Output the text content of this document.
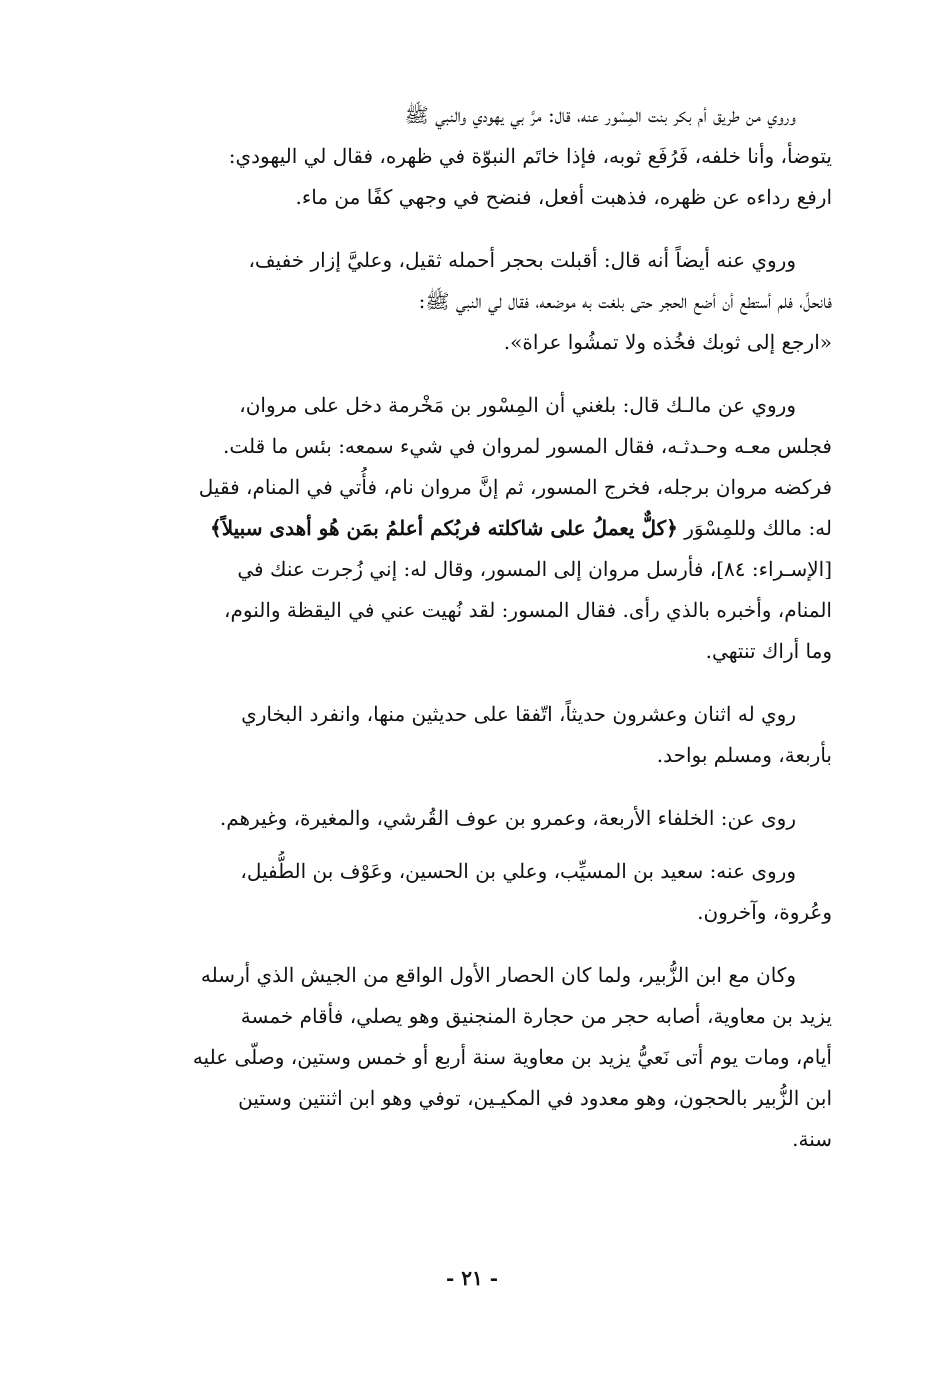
وروي من طريق أم بكر بنت المِسْور عنه، قال: مرَّ بي يهودي والنبي ﷺ
يتوضأ، وأنا خلفه، فَرُفَع ثوبه، فإذا خاتَم النبوّة في ظهره، فقال لي اليهودي:
ارفع رداءه عن ظهره، فذهبت أفعل، فنضح في وجهي كفًا من ماء.

وروي عنه أيضاً أنه قال: أقبلت بحجر أحمله ثقيل، وعليَّ إزار خفيف،
فانحلَّ، فلم أستطع أن أضع الحجر حتى بلغت به موضعه، فقال لي النبي ﷺ:
«ارجع إلى ثوبك فخُذه ولا تمشُوا عراة».

وروي عن مالـك قال: بلغني أن المِسْور بن مَخْرمة دخل على مروان،
فجلس معـه وحـدثـه، فقال المسور لمروان في شيء سمعه: بئس ما قلت.
فركضه مروان برجله، فخرج المسور، ثم إنَّ مروان نام، فأُتي في المنام، فقيل
له: مالك وللمِسْوَر ﴿كلٌّ يعملُ على شاكلته فربُكم أعلمُ بمَن هُو أهدى سبيلاً﴾
[الإسـراء: ٨٤]، فأرسل مروان إلى المسور، وقال له: إني زُجرت عنك في
المنام، وأخبره بالذي رأى. فقال المسور: لقد نُهيت عني في اليقظة والنوم،
وما أراك تنتهي.

روي له اثنان وعشرون حديثاً، اتّفقا على حديثين منها، وانفرد البخاري
بأربعة، ومسلم بواحد.

روى عن: الخلفاء الأربعة، وعمرو بن عوف القُرشي، والمغيرة، وغيرهم.

وروى عنه: سعيد بن المسيِّب، وعلي بن الحسين، وعَوْف بن الطُّفيل،
وعُروة، وآخرون.

وكان مع ابن الزُّبير، ولما كان الحصار الأول الواقع من الجيش الذي أرسله
يزيد بن معاوية، أصابه حجر من حجارة المنجنيق وهو يصلي، فأقام خمسة
أيام، ومات يوم أتى نَعيُّ يزيد بن معاوية سنة أربع أو خمس وستين، وصلّى عليه
ابن الزُّبير بالحجون، وهو معدود في المكيـين، توفي وهو ابن اثنتين وستين
سنة.

- ٢١ -
